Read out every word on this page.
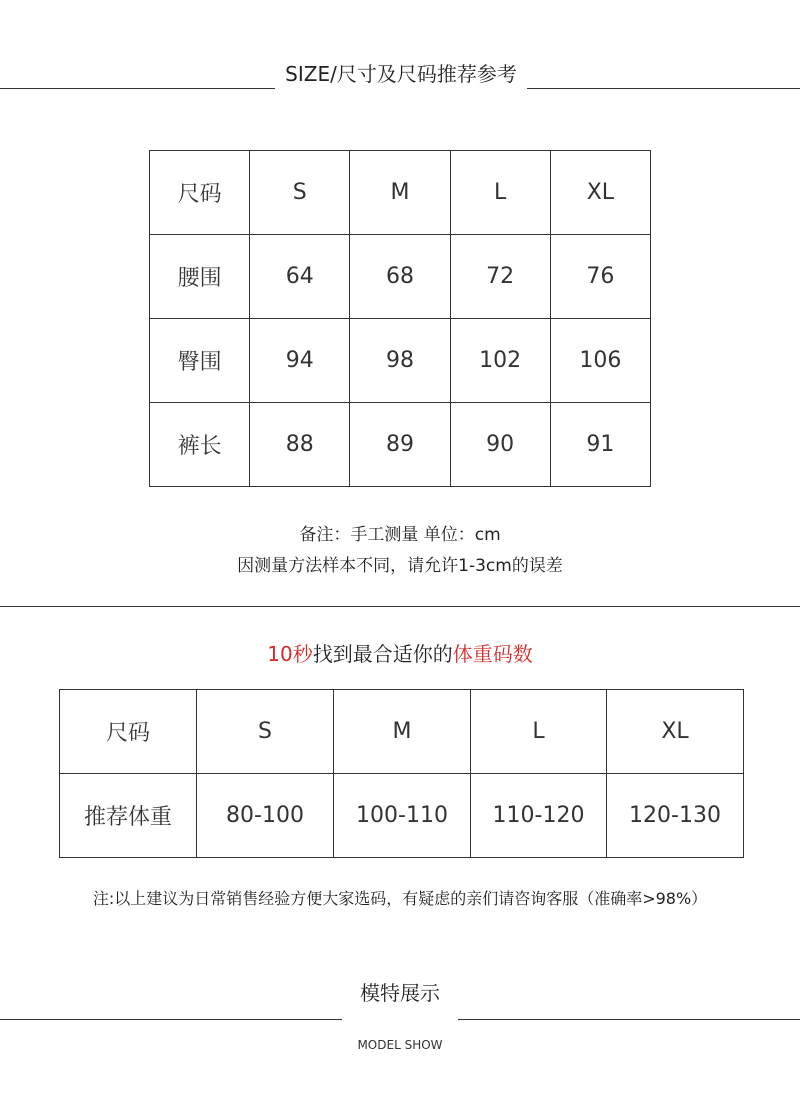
SIZE/尺寸及尺码推荐参考
尺码	S	M	L	XL
腰围	64	68	72	76
臀围	94	98	102	106
裤长	88	89	90	91
备注：手工测量 单位：cm
因测量方法样本不同，请允许1-3cm的误差
10秒找到最合适你的体重码数
尺码	S	M	L	XL
推荐体重	80-100	100-110	110-120	120-130
注:以上建议为日常销售经验方便大家选码，有疑虑的亲们请咨询客服（准确率>98%）
模特展示
MODEL SHOW
